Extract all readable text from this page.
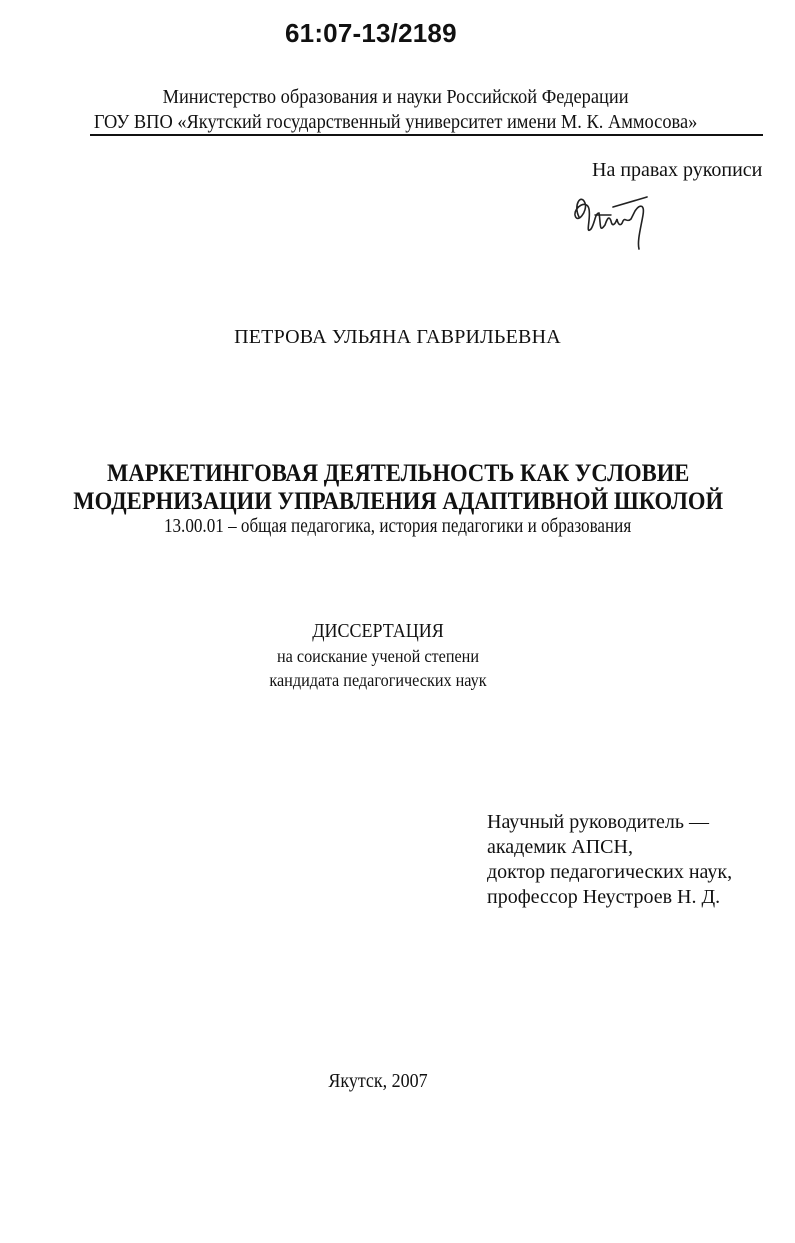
61:07-13/2189
Министерство образования и науки Российской Федерации
ГОУ ВПО «Якутский государственный университет имени М. К. Аммосова»
На правах рукописи
ПЕТРОВА УЛЬЯНА ГАВРИЛЬЕВНА
МАРКЕТИНГОВАЯ ДЕЯТЕЛЬНОСТЬ КАК УСЛОВИЕ
МОДЕРНИЗАЦИИ УПРАВЛЕНИЯ АДАПТИВНОЙ ШКОЛОЙ
13.00.01 – общая педагогика, история педагогики и образования
ДИССЕРТАЦИЯ
на соискание ученой степени
кандидата педагогических наук
Научный руководитель —
академик АПСН,
доктор педагогических наук,
профессор Неустроев Н. Д.
Якутск, 2007
